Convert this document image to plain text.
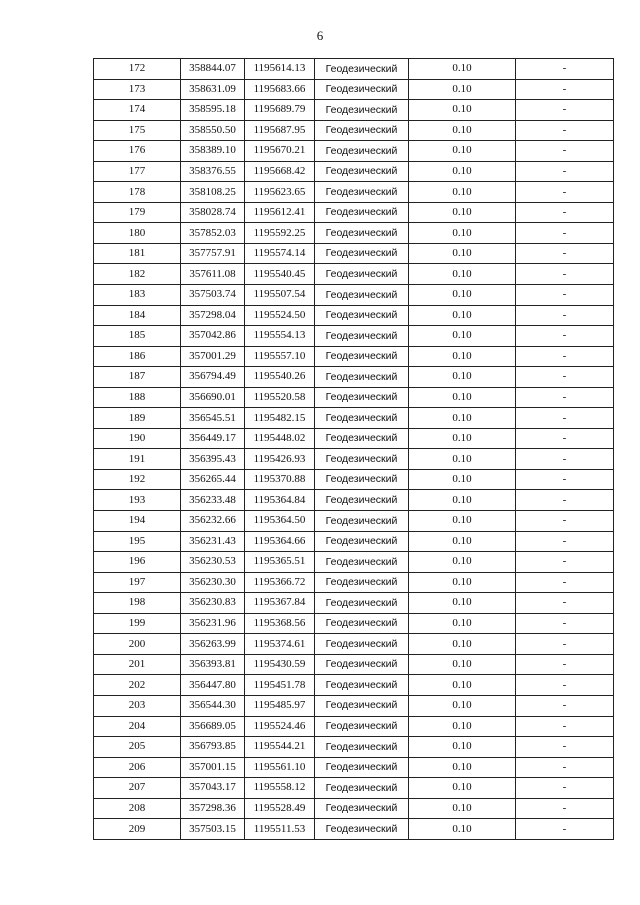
6
172	358844.07	1195614.13	Геодезический	0.10	-
173	358631.09	1195683.66	Геодезический	0.10	-
174	358595.18	1195689.79	Геодезический	0.10	-
175	358550.50	1195687.95	Геодезический	0.10	-
176	358389.10	1195670.21	Геодезический	0.10	-
177	358376.55	1195668.42	Геодезический	0.10	-
178	358108.25	1195623.65	Геодезический	0.10	-
179	358028.74	1195612.41	Геодезический	0.10	-
180	357852.03	1195592.25	Геодезический	0.10	-
181	357757.91	1195574.14	Геодезический	0.10	-
182	357611.08	1195540.45	Геодезический	0.10	-
183	357503.74	1195507.54	Геодезический	0.10	-
184	357298.04	1195524.50	Геодезический	0.10	-
185	357042.86	1195554.13	Геодезический	0.10	-
186	357001.29	1195557.10	Геодезический	0.10	-
187	356794.49	1195540.26	Геодезический	0.10	-
188	356690.01	1195520.58	Геодезический	0.10	-
189	356545.51	1195482.15	Геодезический	0.10	-
190	356449.17	1195448.02	Геодезический	0.10	-
191	356395.43	1195426.93	Геодезический	0.10	-
192	356265.44	1195370.88	Геодезический	0.10	-
193	356233.48	1195364.84	Геодезический	0.10	-
194	356232.66	1195364.50	Геодезический	0.10	-
195	356231.43	1195364.66	Геодезический	0.10	-
196	356230.53	1195365.51	Геодезический	0.10	-
197	356230.30	1195366.72	Геодезический	0.10	-
198	356230.83	1195367.84	Геодезический	0.10	-
199	356231.96	1195368.56	Геодезический	0.10	-
200	356263.99	1195374.61	Геодезический	0.10	-
201	356393.81	1195430.59	Геодезический	0.10	-
202	356447.80	1195451.78	Геодезический	0.10	-
203	356544.30	1195485.97	Геодезический	0.10	-
204	356689.05	1195524.46	Геодезический	0.10	-
205	356793.85	1195544.21	Геодезический	0.10	-
206	357001.15	1195561.10	Геодезический	0.10	-
207	357043.17	1195558.12	Геодезический	0.10	-
208	357298.36	1195528.49	Геодезический	0.10	-
209	357503.15	1195511.53	Геодезический	0.10	-
